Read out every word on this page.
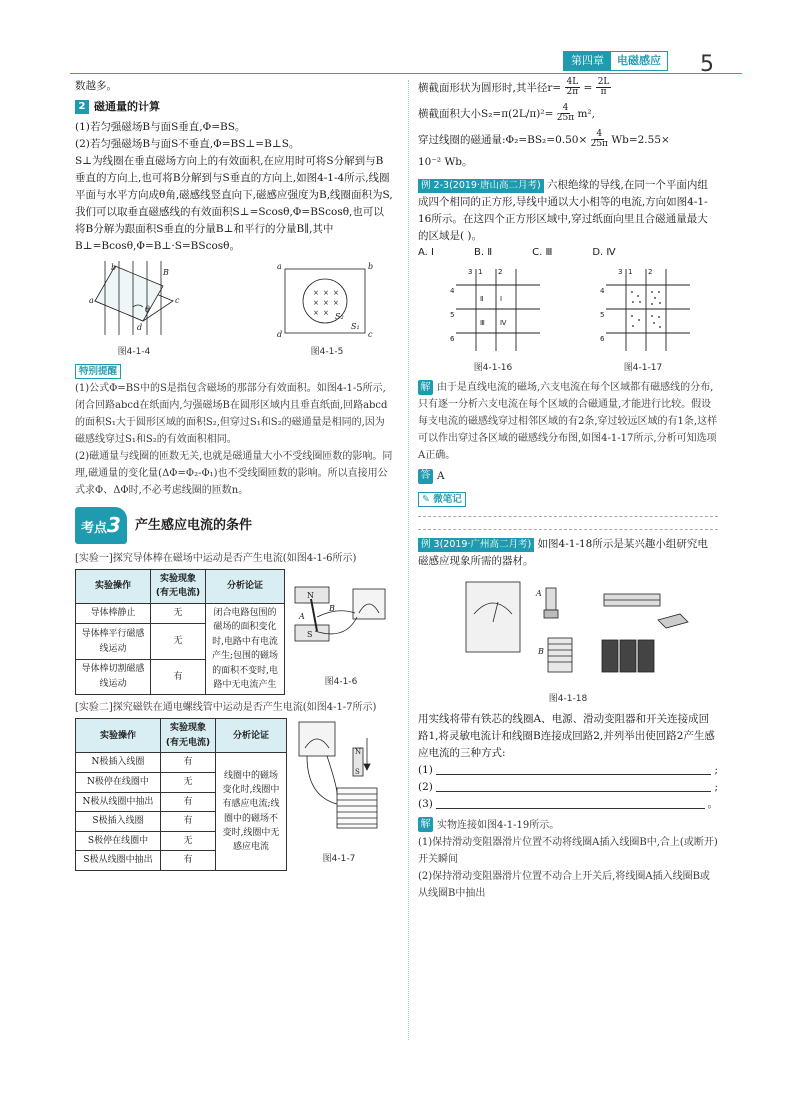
第四章	电磁感应 5

数越多。

2 磁通量的计算

(1)若匀强磁场B与面S垂直,Φ=BS。

(2)若匀强磁场B与面S不垂直,Φ=BS⊥=B⊥S。

S⊥为线圈在垂直磁场方向上的有效面积,在应用时可将S分解到与B垂直的方向上,也可将B分解到与S垂直的方向上,如图4-1-4所示,线圈平面与水平方向成θ角,磁感线竖直向下,磁感应强度为B,线圈面积为S,我们可以取垂直磁感线的有效面积S⊥=Scosθ,Φ=BScosθ,也可以将B分解为跟面积S垂直的分量B⊥和平行的分量B∥,其中B⊥=Bcosθ,Φ=B⊥·S=BScosθ。

a
b
c
d
B
θ
图4-1-4
× × ×
× × ×
× ×
a	b
c
d
S₁
S₂
图4-1-5
特别提醒

(1)公式Φ=BS中的S是指包含磁场的那部分有效面积。如图4-1-5所示,闭合回路abcd在纸面内,匀强磁场B在圆形区域内且垂直纸面,回路abcd的面积S₁大于圆形区域的面积S₂,但穿过S₁和S₂的磁通量是相同的,因为磁感线穿过S₁和S₂的有效面积相同。

(2)磁通量与线圈的匝数无关,也就是磁通量大小不受线圈匝数的影响。同理,磁通量的变化量(ΔΦ=Φ₂-Φ₁)也不受线圈匝数的影响。所以直接用公式求Φ、ΔΦ时,不必考虑线圈的匝数n。

考点3	产生感应电流的条件

[实验一]探究导体棒在磁场中运动是否产生电流(如图4-1-6所示)

实验操作	实验现象(有无电流)	分析论证
导体棒静止	无	闭合电路包围的磁场的面积变化时,电路中有电流产生;包围的磁场的面积不变时,电路中无电流产生
导体棒平行磁感线运动	无	
导体棒切割磁感线运动	有	
N
S
A
B
图4-1-6

[实验二]探究磁铁在通电螺线管中运动是否产生电流(如图4-1-7所示)

实验操作	实验现象(有无电流)	分析论证
N极插入线圈	有	线圈中的磁场变化时,线圈中有感应电流;线圈中的磁场不变时,线圈中无感应电流
N极停在线圈中	无	
N极从线圈中抽出	有	
S极插入线圈	有	
S极停在线圈中	无	
S极从线圈中抽出	有	
N
S
图4-1-7

横截面形状为圆形时,其半径$r= \frac{4L}{2\pi} = \frac{2L}{\pi}$

横截面积大小$S_2=\pi(2L/\pi)^2= \frac{4}{25\pi} m^2$,

穿过线圈的磁通量:Φ₂=BS₂=0.50× $\frac{4}{25\pi} Wb=2.55\times$

10⁻² Wb。

例 2-3(2019·唐山高二月考) 六根绝缘的导线,在同一个平面内组成四个相同的正方形,导线中通以大小相等的电流,方向如图4-1-16所示。在这四个正方形区域中,穿过纸面向里且合磁通量最大的区域是( )。

A. Ⅰ	B. Ⅱ	C. Ⅲ	D. Ⅳ
1 2
3
4
5
6
Ⅰ
Ⅱ
Ⅲ Ⅳ
图4-1-16
1 2
3
4
5
6
图4-1-17

解 由于是直线电流的磁场,六支电流在每个区域都有磁感线的分布,只有逐一分析六支电流在每个区域的合磁通量,才能进行比较。假设每支电流的磁感线穿过相邻区域的有2条,穿过较远区域的有1条,这样可以作出穿过各区域的磁感线分布图,如图4-1-17所示,分析可知选项A正确。

答 A

✎ 微笔记

例 3(2019·广州高二月考) 如图4-1-18所示是某兴趣小组研究电磁感应现象所需的器材。

A
B
图4-1-18

用实线将带有铁芯的线圈A、电源、滑动变阻器和开关连接成回路1,将灵敏电流计和线圈B连接成回路2,并列举出使回路2产生感应电流的三种方式:

(1)	;
(2)	;
(3)	。

解 实物连接如图4-1-19所示。

(1)保持滑动变阻器滑片位置不动将线圈A插入线圈B中,合上(或断开)开关瞬间

(2)保持滑动变阻器滑片位置不动合上开关后,将线圈A插入线圈B或从线圈B中抽出
